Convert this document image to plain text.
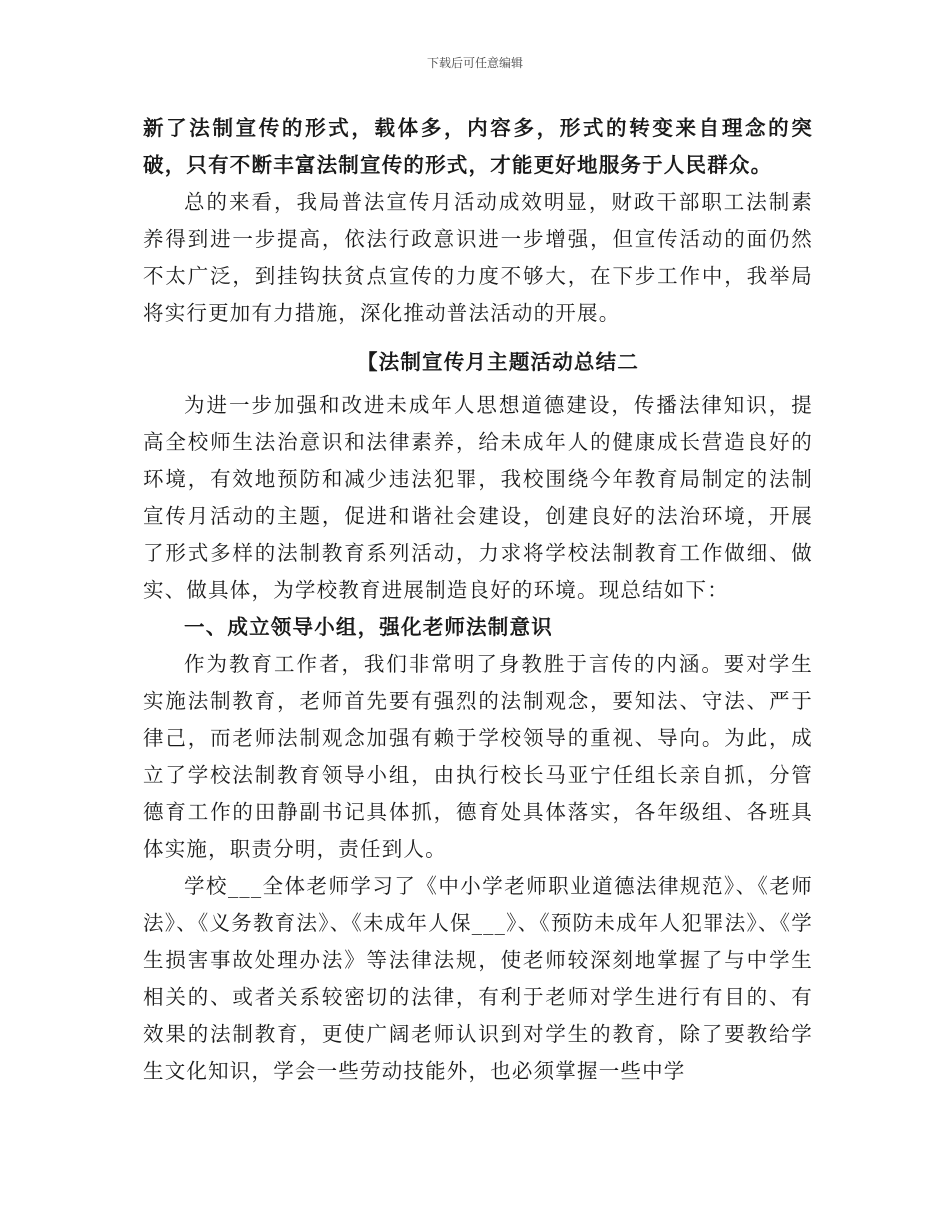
下载后可任意编辑

新了法制宣传的形式，载体多，内容多，形式的转变来自理念的突破，只有不断丰富法制宣传的形式，才能更好地服务于人民群众。

总的来看，我局普法宣传月活动成效明显，财政干部职工法制素养得到进一步提高，依法行政意识进一步增强，但宣传活动的面仍然不太广泛，到挂钩扶贫点宣传的力度不够大，在下步工作中，我举局将实行更加有力措施，深化推动普法活动的开展。

【法制宣传月主题活动总结二

为进一步加强和改进未成年人思想道德建设，传播法律知识，提高全校师生法治意识和法律素养，给未成年人的健康成长营造良好的环境，有效地预防和减少违法犯罪，我校围绕今年教育局制定的法制宣传月活动的主题，促进和谐社会建设，创建良好的法治环境，开展了形式多样的法制教育系列活动，力求将学校法制教育工作做细、做实、做具体，为学校教育进展制造良好的环境。现总结如下：

一、成立领导小组，强化老师法制意识

作为教育工作者，我们非常明了身教胜于言传的内涵。要对学生实施法制教育，老师首先要有强烈的法制观念，要知法、守法、严于律己，而老师法制观念加强有赖于学校领导的重视、导向。为此，成立了学校法制教育领导小组，由执行校长马亚宁任组长亲自抓，分管德育工作的田静副书记具体抓，德育处具体落实，各年级组、各班具体实施，职责分明，责任到人。

学校___全体老师学习了《中小学老师职业道德法律规范》、《老师法》、《义务教育法》、《未成年人保___》、《预防未成年人犯罪法》、《学生损害事故处理办法》等法律法规，使老师较深刻地掌握了与中学生相关的、或者关系较密切的法律，有利于老师对学生进行有目的、有效果的法制教育，更使广阔老师认识到对学生的教育，除了要教给学生文化知识，学会一些劳动技能外，也必须掌握一些中学
